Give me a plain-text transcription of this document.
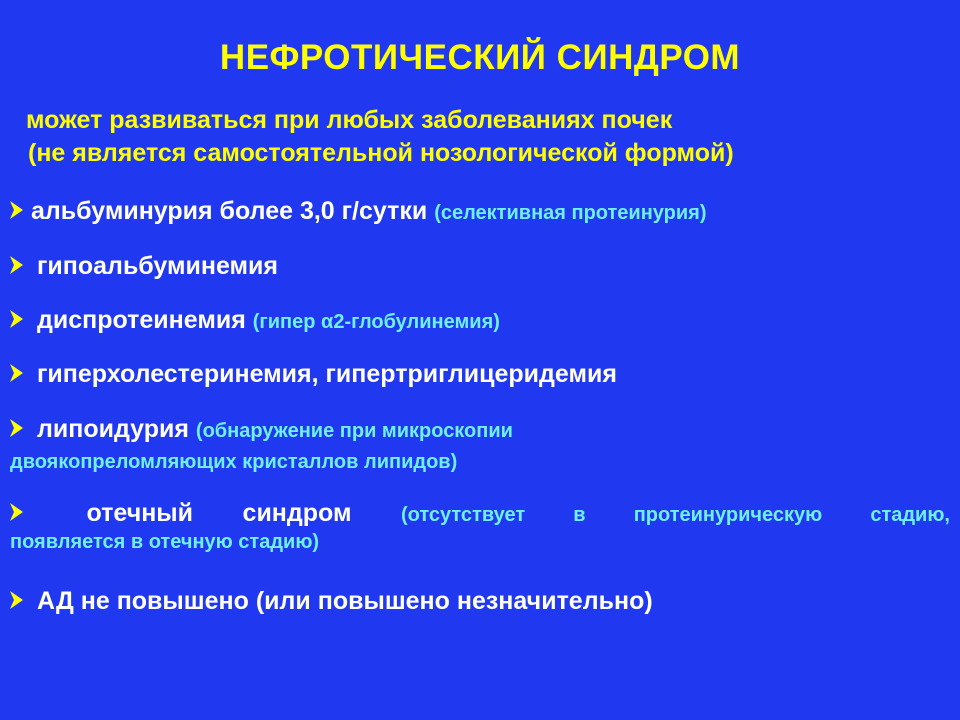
НЕФРОТИЧЕСКИЙ СИНДРОМ
может развиваться при любых заболеваниях почек
(не является самостоятельной нозологической формой)
альбуминурия более 3,0 г/сутки (селективная протеинурия)
гипоальбуминемия
диспротеинемия (гипер α2-глобулинемия)
гиперхолестеринемия, гипертриглицеридемия
липоидурия (обнаружение при микроскопии
двоякопреломляющих кристаллов липидов)
отечный синдром (отсутствует в протеинурическую стадию,
появляется в отечную стадию)
АД не повышено (или повышено незначительно)
